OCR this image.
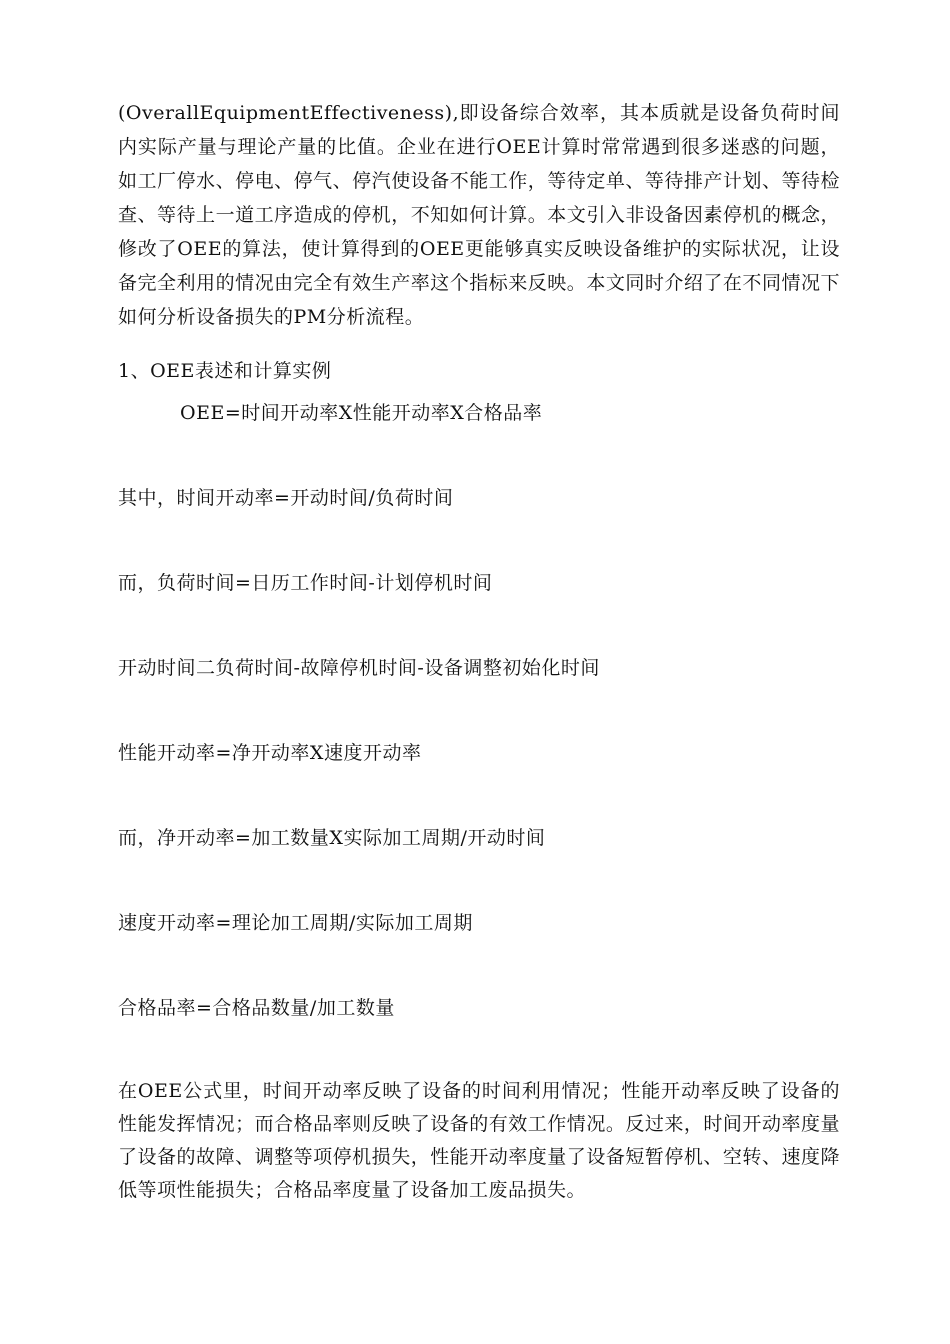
(OverallEquipmentEffectiveness),即设备综合效率，其本质就是设备负荷时间内实际产量与理论产量的比值。企业在进行OEE计算时常常遇到很多迷惑的问题，如工厂停水、停电、停气、停汽使设备不能工作，等待定单、等待排产计划、等待检查、等待上一道工序造成的停机，不知如何计算。本文引入非设备因素停机的概念，修改了OEE的算法，使计算得到的OEE更能够真实反映设备维护的实际状况，让设备完全利用的情况由完全有效生产率这个指标来反映。本文同时介绍了在不同情况下如何分析设备损失的PM分析流程。

1、OEE表述和计算实例

OEE=时间开动率X性能开动率X合格品率

其中，时间开动率=开动时间/负荷时间

而，负荷时间=日历工作时间-计划停机时间

开动时间二负荷时间-故障停机时间-设备调整初始化时间

性能开动率=净开动率X速度开动率

而，净开动率=加工数量X实际加工周期/开动时间

速度开动率=理论加工周期/实际加工周期

合格品率=合格品数量/加工数量

在OEE公式里，时间开动率反映了设备的时间利用情况；性能开动率反映了设备的性能发挥情况；而合格品率则反映了设备的有效工作情况。反过来，时间开动率度量了设备的故障、调整等项停机损失，性能开动率度量了设备短暂停机、空转、速度降低等项性能损失；合格品率度量了设备加工废品损失。
